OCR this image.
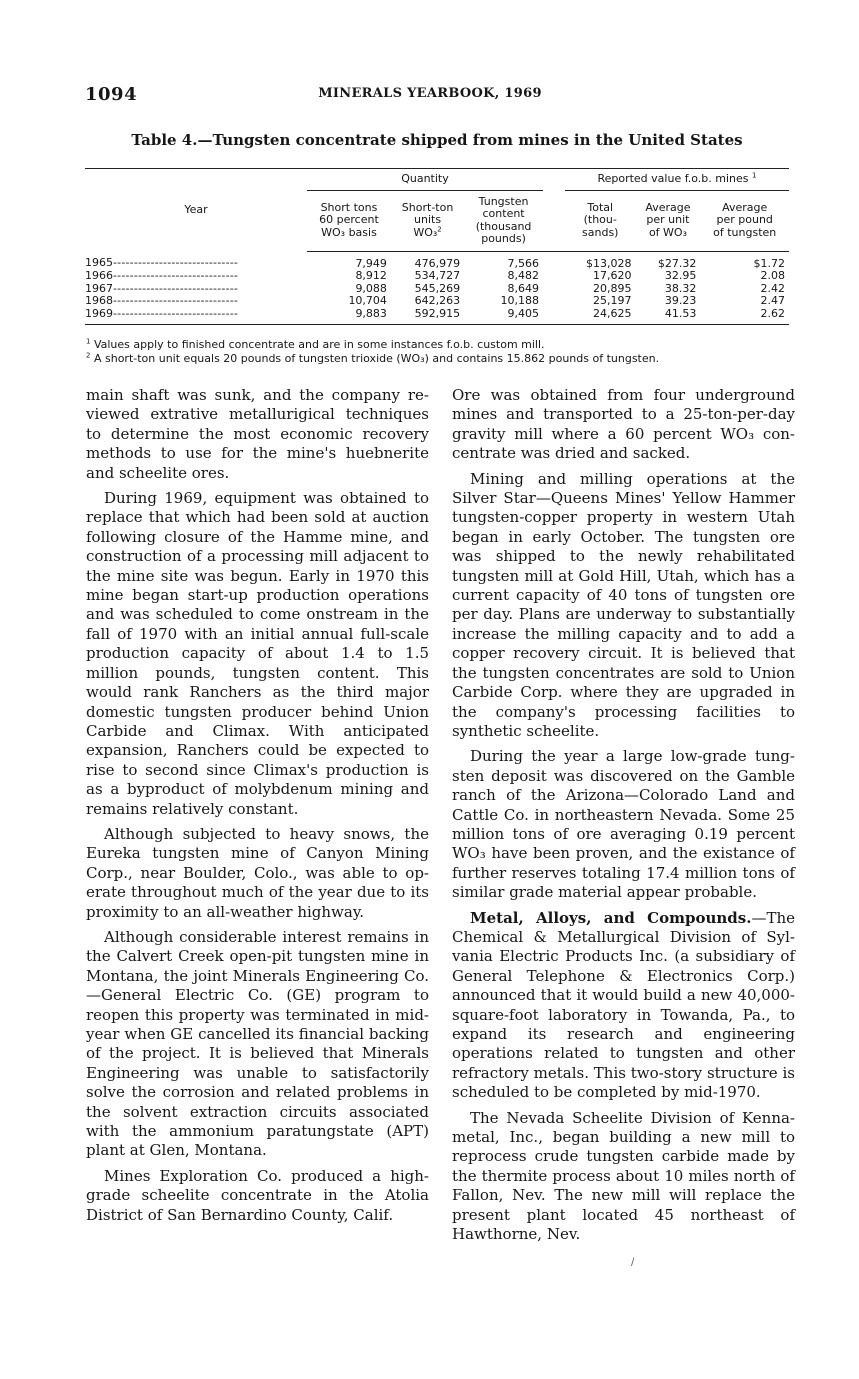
1094	MINERALS YEARBOOK, 1969
Table 4.—Tungsten concentrate shipped from mines in the United States
Year	Quantity				Reported value f.o.b. mines $^1$
	Short tons
60 percent
WO₃ basis	Short-ton
units
WO₃$^2$	Tungsten
content
(thousand
pounds)		Total
(thou-
sands)	Average
per unit
of WO₃	Average
per pound
of tungsten
1965------------------------------	7,949	476,979	7,566		$13,028	$27.32	$1.72
1966------------------------------	8,912	534,727	8,482		17,620	32.95	2.08
1967------------------------------	9,088	545,269	8,649		20,895	38.32	2.42
1968------------------------------	10,704	642,263	10,188		25,197	39.23	2.47
1969------------------------------	9,883	592,915	9,405		24,625	41.53	2.62

$^1$ Values apply to finished concentrate and are in some instances f.o.b. custom mill.

$^2$ A short-ton unit equals 20 pounds of tungsten trioxide (WO₃) and contains 15.862 pounds of tungsten.

main shaft was sunk, and the company reviewed extrative metallurigical techniques to determine the most economic recovery methods to use for the mine's huebnerite and scheelite ores.

During 1969, equipment was obtained to replace that which had been sold at auction following closure of the Hamme mine, and construction of a processing mill adjacent to the mine site was begun. Early in 1970 this mine began start-up production operations and was scheduled to come onstream in the fall of 1970 with an initial annual full-scale production capacity of about 1.4 to 1.5 million pounds, tungsten content. This would rank Ranchers as the third major domestic tungsten producer behind Union Carbide and Climax. With anticipated expansion, Ranchers could be expected to rise to second since Climax's production is as a byproduct of molybdenum mining and remains relatively constant.

Although subjected to heavy snows, the Eureka tungsten mine of Canyon Mining Corp., near Boulder, Colo., was able to operate throughout much of the year due to its proximity to an all-weather highway.

Although considerable interest remains in the Calvert Creek open-pit tungsten mine in Montana, the joint Minerals Engineering Co.—General Electric Co. (GE) program to reopen this property was terminated in mid-year when GE cancelled its financial backing of the project. It is believed that Minerals Engineering was unable to satisfactorily solve the corrosion and related problems in the solvent extraction circuits associated with the ammonium paratungstate (APT) plant at Glen, Montana.

Mines Exploration Co. produced a high-grade scheelite concentrate in the Atolia District of San Bernardino County, Calif.

Ore was obtained from four underground mines and transported to a 25-ton-per-day gravity mill where a 60 percent WO₃ concentrate was dried and sacked.

Mining and milling operations at the Silver Star—Queens Mines' Yellow Hammer tungsten-copper property in western Utah began in early October. The tungsten ore was shipped to the newly rehabilitated tungsten mill at Gold Hill, Utah, which has a current capacity of 40 tons of tungsten ore per day. Plans are underway to substantially increase the milling capacity and to add a copper recovery circuit. It is believed that the tungsten concentrates are sold to Union Carbide Corp. where they are upgraded in the company's processing facilities to synthetic scheelite.

During the year a large low-grade tungsten deposit was discovered on the Gamble ranch of the Arizona—Colorado Land and Cattle Co. in northeastern Nevada. Some 25 million tons of ore averaging 0.19 percent WO₃ have been proven, and the existance of further reserves totaling 17.4 million tons of similar grade material appear probable.

Metal, Alloys, and Compounds.—The Chemical & Metallurgical Division of Sylvania Electric Products Inc. (a subsidiary of General Telephone & Electronics Corp.) announced that it would build a new 40,000-square-foot laboratory in Towanda, Pa., to expand its research and engineering operations related to tungsten and other refractory metals. This two-story structure is scheduled to be completed by mid-1970.

The Nevada Scheelite Division of Kennametal, Inc., began building a new mill to reprocess crude tungsten carbide made by the thermite process about 10 miles north of Fallon, Nev. The new mill will replace the present plant located 45 northeast of Hawthorne, Nev.

/
